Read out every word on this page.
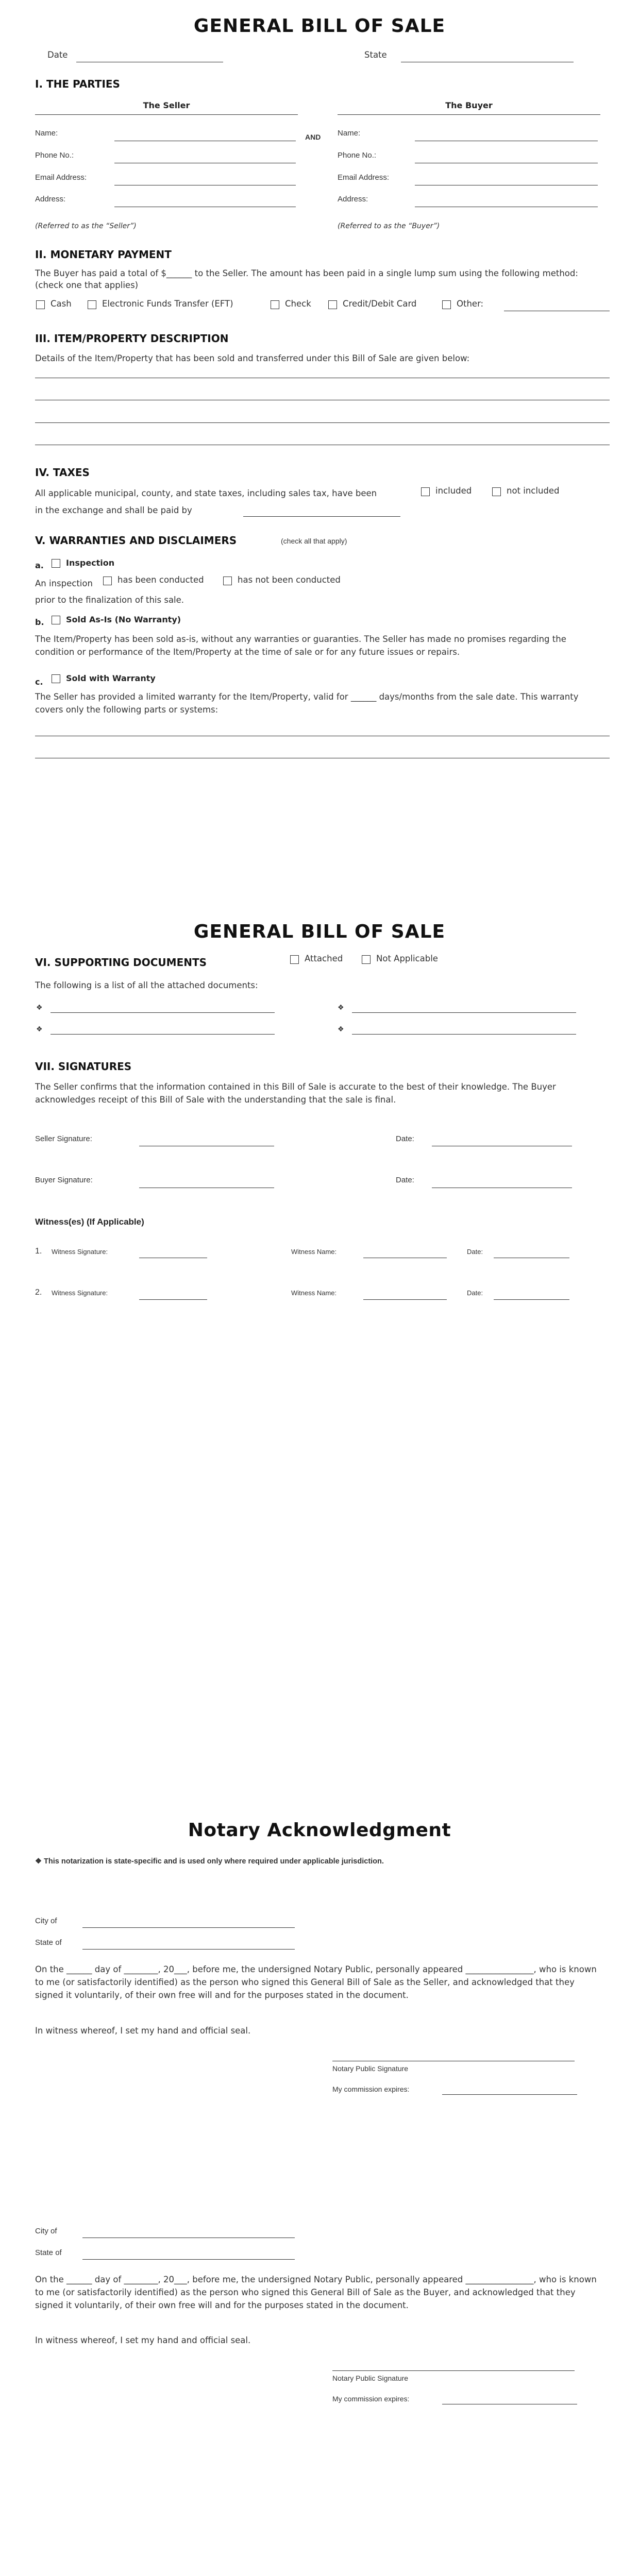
GENERAL BILL OF SALE
Date	State
I. THE PARTIES
The Seller	The Buyer
AND
Name:
Phone No.:
Email Address:
Address:
(Referred to as the “Seller”)
Name:
Phone No.:
Email Address:
Address:
(Referred to as the “Buyer”)
II. MONETARY PAYMENT
The Buyer has paid a total of $______ to the Seller. The amount has been paid in a single lump sum using the following method:
(check one that applies)
Cash	Electronic Funds Transfer (EFT)	Check	Credit/Debit Card	Other:
III. ITEM/PROPERTY DESCRIPTION
Details of the Item/Property that has been sold and transferred under this Bill of Sale are given below:
IV. TAXES
All applicable municipal, county, and state taxes, including sales tax, have been
in the exchange and shall be paid by
included	not included
V. WARRANTIES AND DISCLAIMERS	(check all that apply)
a.	Inspection
An inspection	has been conducted	has not been conducted
prior to the finalization of this sale.
b.	Sold As-Is (No Warranty)
The Item/Property has been sold as-is, without any warranties or guaranties. The Seller has made no promises regarding the condition or performance of the Item/Property at the time of sale or for any future issues or repairs.
c.	Sold with Warranty
The Seller has provided a limited warranty for the Item/Property, valid for ______ days/months from the sale date. This warranty covers only the following parts or systems:
GENERAL BILL OF SALE
VI. SUPPORTING DOCUMENTS	Attached	Not Applicable
The following is a list of all the attached documents:
❖	❖
❖	❖
VII. SIGNATURES
The Seller confirms that the information contained in this Bill of Sale is accurate to the best of their knowledge. The Buyer acknowledges receipt of this Bill of Sale with the understanding that the sale is final.
Seller Signature:	Date:
Buyer Signature:	Date:
Witness(es) (If Applicable)
1. Witness Signature:	Witness Name:	Date:
2. Witness Signature:	Witness Name:	Date:
Notary Acknowledgment
❖ This notarization is state-specific and is used only where required under applicable jurisdiction.
City of
State of
On the ______ day of ________, 20___, before me, the undersigned Notary Public, personally appeared ________________, who is known to me (or satisfactorily identified) as the person who signed this General Bill of Sale as the Seller, and acknowledged that they signed it voluntarily, of their own free will and for the purposes stated in the document.
In witness whereof, I set my hand and official seal.
Notary Public Signature
My commission expires:
City of
State of
On the ______ day of ________, 20___, before me, the undersigned Notary Public, personally appeared ________________, who is known to me (or satisfactorily identified) as the person who signed this General Bill of Sale as the Buyer, and acknowledged that they signed it voluntarily, of their own free will and for the purposes stated in the document.
In witness whereof, I set my hand and official seal.
Notary Public Signature
My commission expires:
